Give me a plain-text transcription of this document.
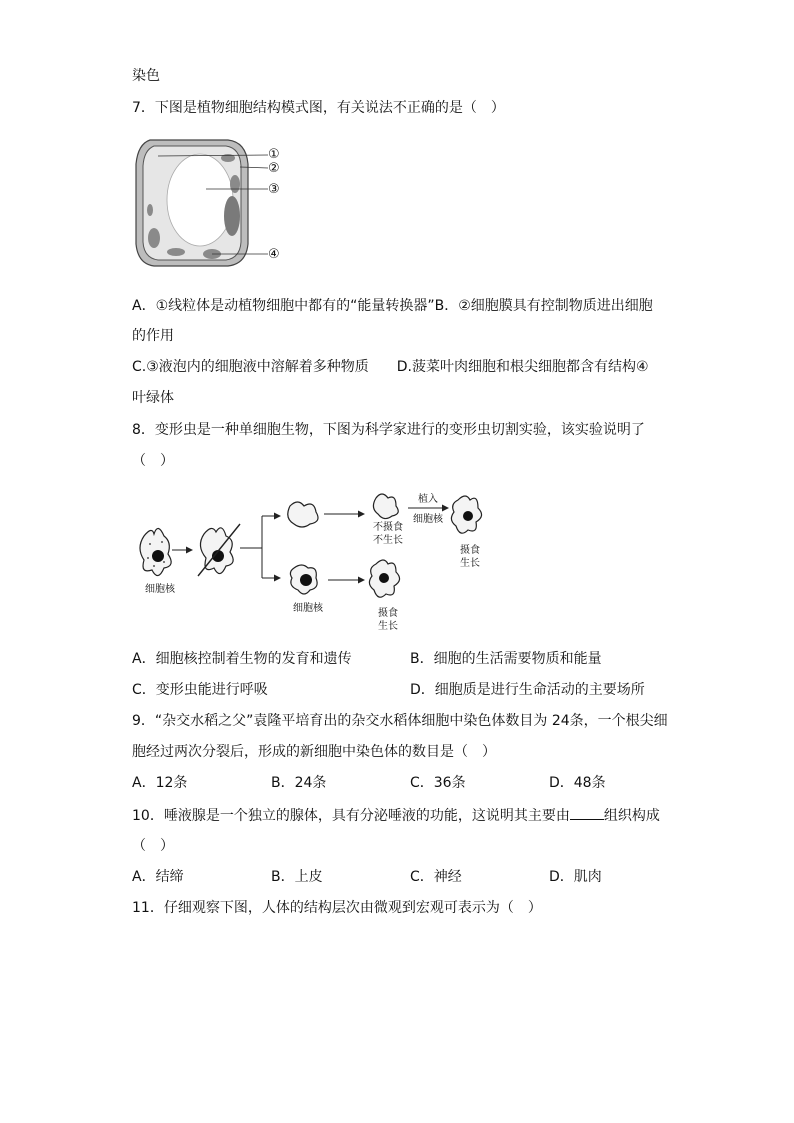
染色
7．下图是植物细胞结构模式图，有关说法不正确的是（　）
①
②
③
④
A．①线粒体是动植物细胞中都有的“能量转换器”B．②细胞膜具有控制物质进出细胞
的作用
C.③液泡内的细胞液中溶解着多种物质　　D.菠菜叶肉细胞和根尖细胞都含有结构④
叶绿体
8．变形虫是一种单细胞生物，下图为科学家进行的变形虫切割实验，该实验说明了
（　）
细胞核
细胞核
植入
细胞核
不摄食
不生长
摄食
生长
摄食
生长
A．细胞核控制着生物的发育和遗传	B．细胞的生活需要物质和能量
C．变形虫能进行呼吸	D．细胞质是进行生命活动的主要场所
9．“杂交水稻之父”袁隆平培育出的杂交水稻体细胞中染色体数目为 24条，一个根尖细
胞经过两次分裂后，形成的新细胞中染色体的数目是（　）
A．12条	B．24条	C．36条	D．48条
10．唾液腺是一个独立的腺体，具有分泌唾液的功能，这说明其主要由 组织构成
（　）
A．结缔	B．上皮	C．神经	D．肌肉
11．仔细观察下图，人体的结构层次由微观到宏观可表示为（　）
